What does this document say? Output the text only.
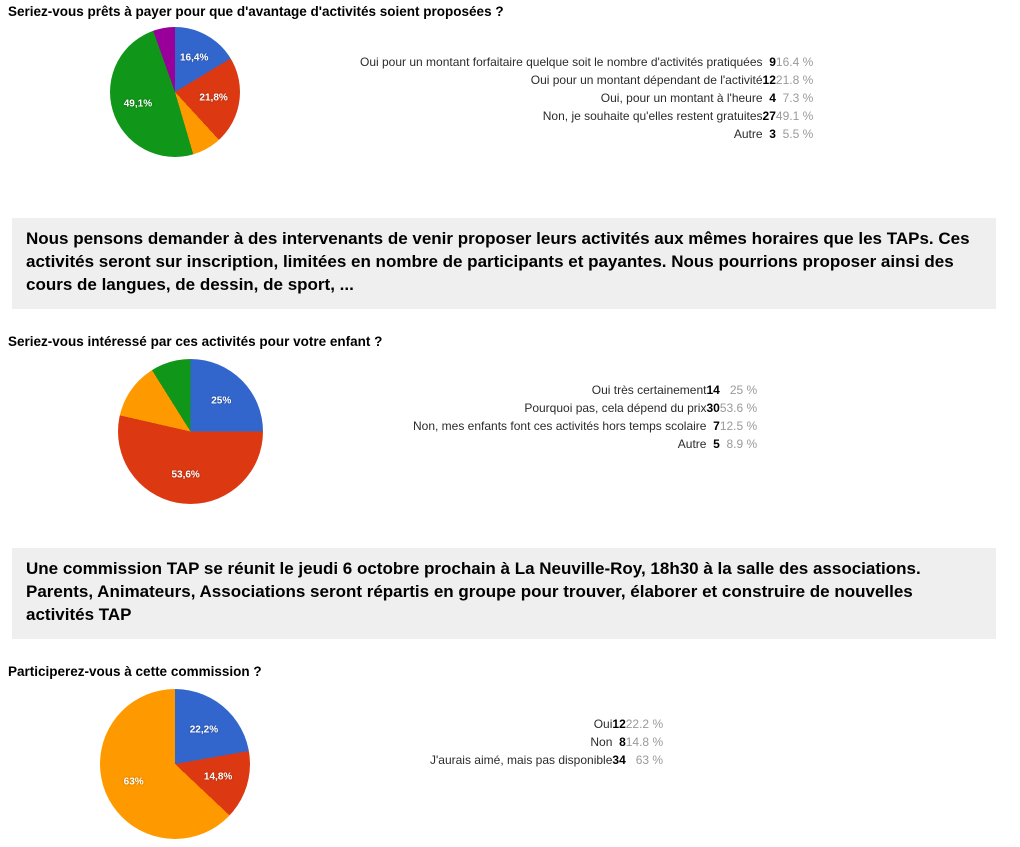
Seriez-vous prêts à payer pour que d'avantage d'activités soient proposées ?
16,4%
21,8%
49,1%
Oui pour un montant forfaitaire quelque soit le nombre d'activités pratiquées	9	16.4 %
Oui pour un montant dépendant de l'activité	12	21.8 %
Oui, pour un montant à l'heure	4	7.3 %
Non, je souhaite qu'elles restent gratuites	27	49.1 %
Autre	3	5.5 %
Nous pensons demander à des intervenants de venir proposer leurs activités aux mêmes horaires que les TAPs. Ces activités seront sur inscription, limitées en nombre de participants et payantes. Nous pourrions proposer ainsi des cours de langues, de dessin, de sport, ...
Seriez-vous intéressé par ces activités pour votre enfant ?
25%
53,6%
Oui très certainement	14	25 %
Pourquoi pas, cela dépend du prix	30	53.6 %
Non, mes enfants font ces activités hors temps scolaire	7	12.5 %
Autre	5	8.9 %
Une commission TAP se réunit le jeudi 6 octobre prochain à La Neuville-Roy, 18h30 à la salle des associations. Parents, Animateurs, Associations seront répartis en groupe pour trouver, élaborer et construire de nouvelles activités TAP
Participerez-vous à cette commission ?
22,2%
14,8%
63%
Oui	12	22.2 %
Non	8	14.8 %
J'aurais aimé, mais pas disponible	34	63 %
